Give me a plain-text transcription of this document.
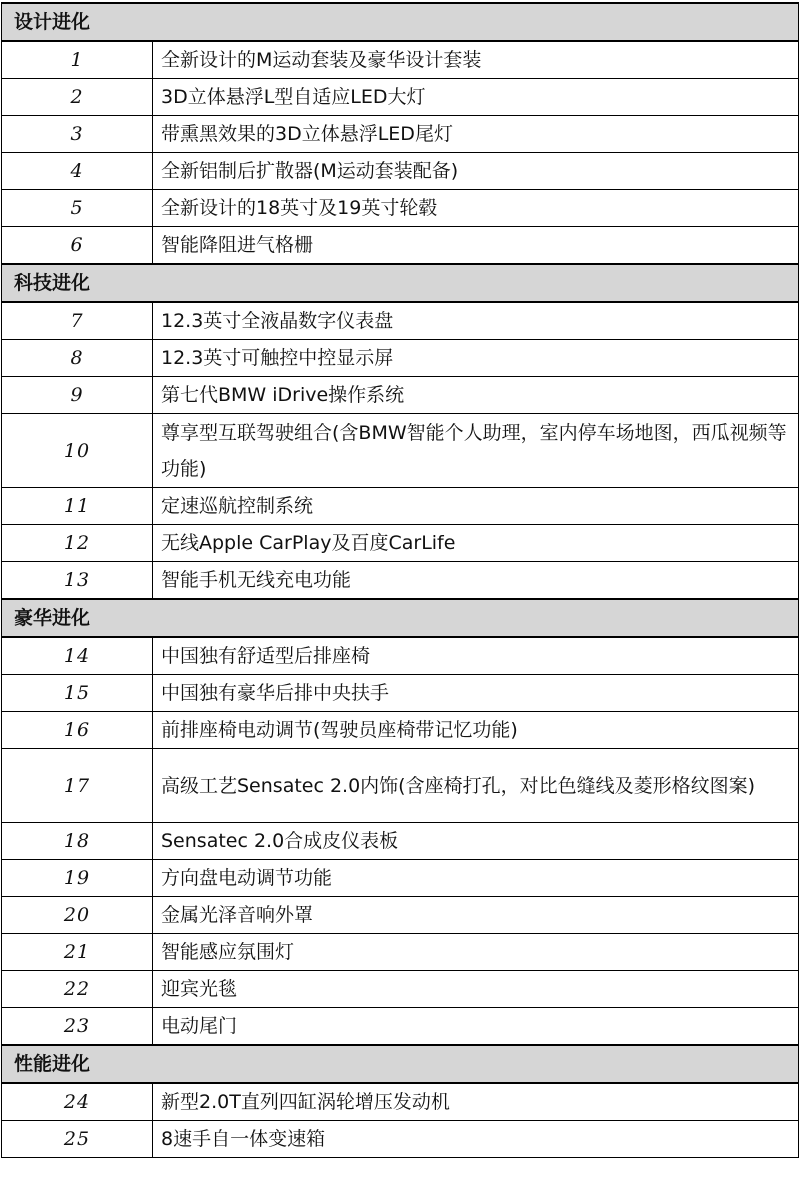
设计进化	
1	全新设计的M运动套装及豪华设计套装
2	3D立体悬浮L型自适应LED大灯
3	带熏黑效果的3D立体悬浮LED尾灯
4	全新铝制后扩散器(M运动套装配备)
5	全新设计的18英寸及19英寸轮毂
6	智能降阻进气格栅
科技进化	
7	12.3英寸全液晶数字仪表盘
8	12.3英寸可触控中控显示屏
9	第七代BMW iDrive操作系统
10	尊享型互联驾驶组合(含BMW智能个人助理，室内停车场地图，西瓜视频等功能)
11	定速巡航控制系统
12	无线Apple CarPlay及百度CarLife
13	智能手机无线充电功能
豪华进化	
14	中国独有舒适型后排座椅
15	中国独有豪华后排中央扶手
16	前排座椅电动调节(驾驶员座椅带记忆功能)
17	高级工艺Sensatec 2.0内饰(含座椅打孔，对比色缝线及菱形格纹图案)
18	Sensatec 2.0合成皮仪表板
19	方向盘电动调节功能
20	金属光泽音响外罩
21	智能感应氛围灯
22	迎宾光毯
23	电动尾门
性能进化	
24	新型2.0T直列四缸涡轮增压发动机
25	8速手自一体变速箱
